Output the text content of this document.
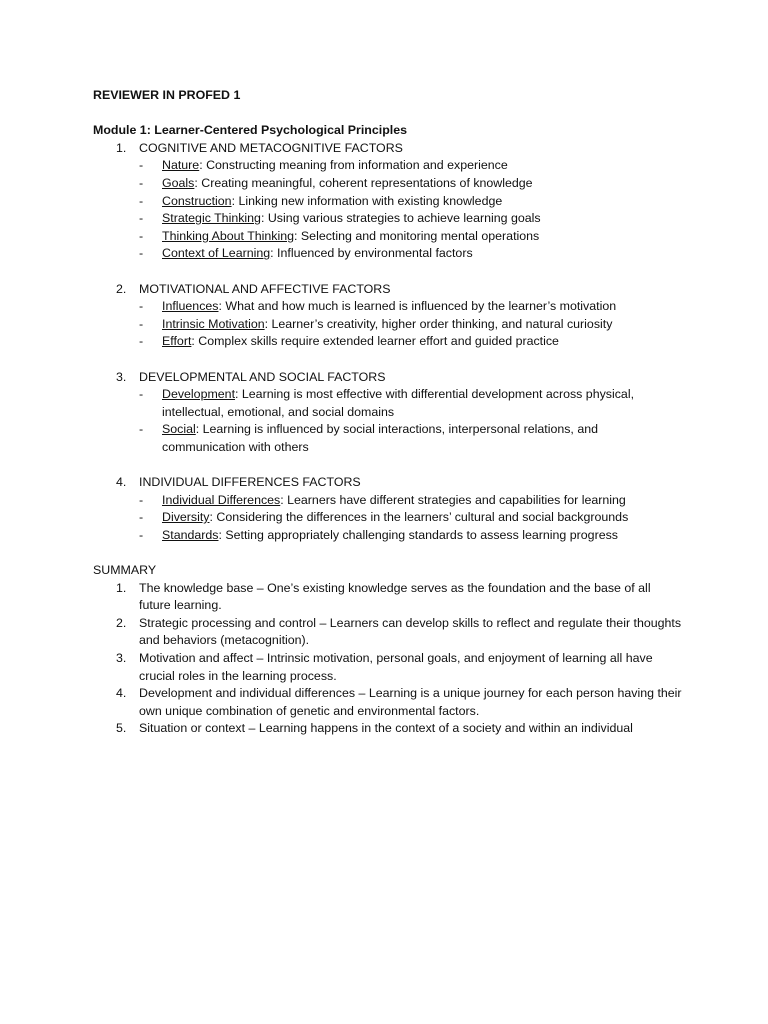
REVIEWER IN PROFED 1
Module 1: Learner-Centered Psychological Principles
1. COGNITIVE AND METACOGNITIVE FACTORS
- Nature: Constructing meaning from information and experience
- Goals: Creating meaningful, coherent representations of knowledge
- Construction: Linking new information with existing knowledge
- Strategic Thinking: Using various strategies to achieve learning goals
- Thinking About Thinking: Selecting and monitoring mental operations
- Context of Learning: Influenced by environmental factors
2. MOTIVATIONAL AND AFFECTIVE FACTORS
- Influences: What and how much is learned is influenced by the learner’s motivation
- Intrinsic Motivation: Learner’s creativity, higher order thinking, and natural curiosity
- Effort: Complex skills require extended learner effort and guided practice
3. DEVELOPMENTAL AND SOCIAL FACTORS
- Development: Learning is most effective with differential development across physical, intellectual, emotional, and social domains
- Social: Learning is influenced by social interactions, interpersonal relations, and communication with others
4. INDIVIDUAL DIFFERENCES FACTORS
- Individual Differences: Learners have different strategies and capabilities for learning
- Diversity: Considering the differences in the learners’ cultural and social backgrounds
- Standards: Setting appropriately challenging standards to assess learning progress
SUMMARY
1. The knowledge base – One’s existing knowledge serves as the foundation and the base of all future learning.
2. Strategic processing and control – Learners can develop skills to reflect and regulate their thoughts and behaviors (metacognition).
3. Motivation and affect – Intrinsic motivation, personal goals, and enjoyment of learning all have crucial roles in the learning process.
4. Development and individual differences – Learning is a unique journey for each person having their own unique combination of genetic and environmental factors.
5. Situation or context – Learning happens in the context of a society and within an individual
